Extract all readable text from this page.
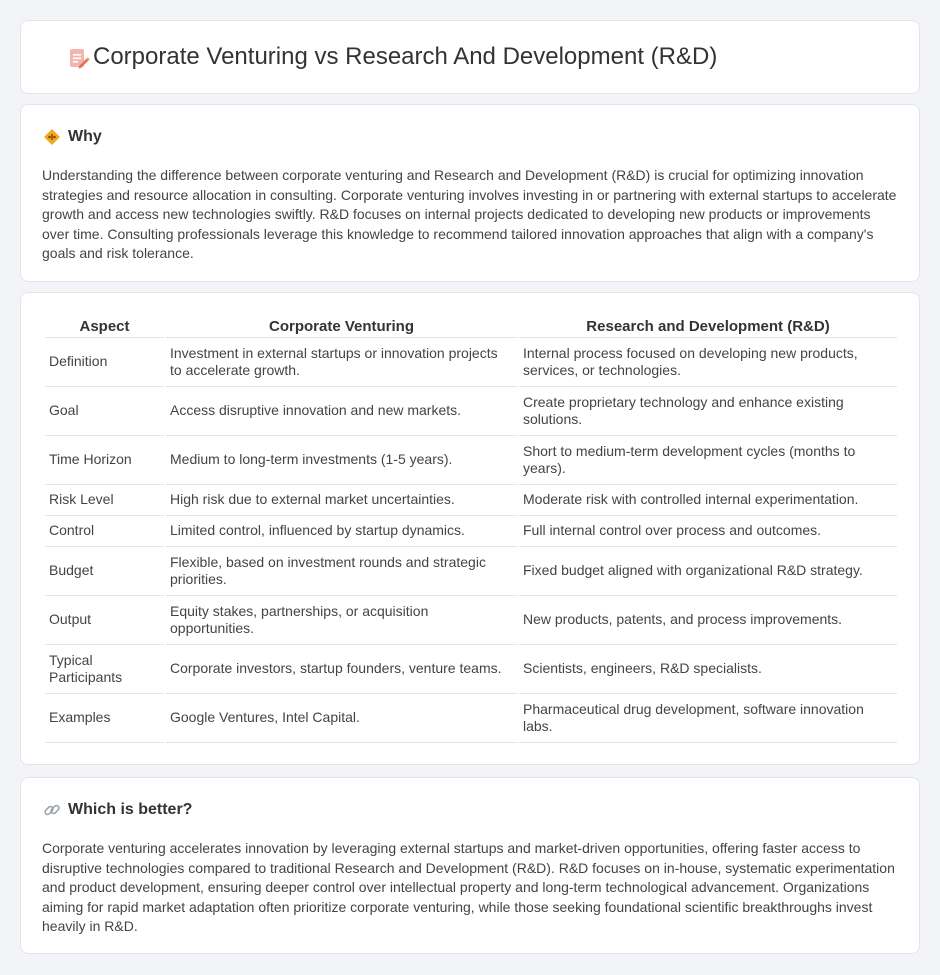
Corporate Venturing vs Research And Development (R&D)
Why

Understanding the difference between corporate venturing and Research and Development (R&D) is crucial for optimizing innovation strategies and resource allocation in consulting. Corporate venturing involves investing in or partnering with external startups to accelerate growth and access new technologies swiftly. R&D focuses on internal projects dedicated to developing new products or improvements over time. Consulting professionals leverage this knowledge to recommend tailored innovation approaches that align with a company's goals and risk tolerance.

Aspect	Corporate Venturing	Research and Development (R&D)
Definition	Investment in external startups or innovation projects to accelerate growth.	Internal process focused on developing new products, services, or technologies.
Goal	Access disruptive innovation and new markets.	Create proprietary technology and enhance existing solutions.
Time Horizon	Medium to long-term investments (1-5 years).	Short to medium-term development cycles (months to years).
Risk Level	High risk due to external market uncertainties.	Moderate risk with controlled internal experimentation.
Control	Limited control, influenced by startup dynamics.	Full internal control over process and outcomes.
Budget	Flexible, based on investment rounds and strategic priorities.	Fixed budget aligned with organizational R&D strategy.
Output	Equity stakes, partnerships, or acquisition opportunities.	New products, patents, and process improvements.
Typical Participants	Corporate investors, startup founders, venture teams.	Scientists, engineers, R&D specialists.
Examples	Google Ventures, Intel Capital.	Pharmaceutical drug development, software innovation labs.
Which is better?

Corporate venturing accelerates innovation by leveraging external startups and market-driven opportunities, offering faster access to disruptive technologies compared to traditional Research and Development (R&D). R&D focuses on in-house, systematic experimentation and product development, ensuring deeper control over intellectual property and long-term technological advancement. Organizations aiming for rapid market adaptation often prioritize corporate venturing, while those seeking foundational scientific breakthroughs invest heavily in R&D.
